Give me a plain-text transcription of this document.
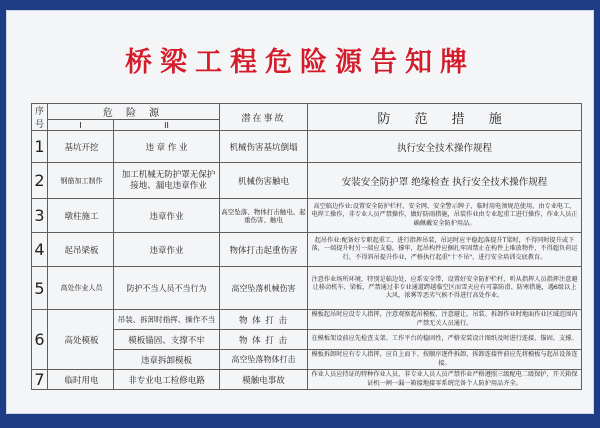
桥梁工程危险源告知牌
序号	危 险 源		潜在事故	防 范 措 施
	I	II		
1	基坑开挖	违 章 作 业	机械伤害基坑倒塌	执行安全技术操作规程
2	钢筋加工制作	加工机械无防护罩无保护接地、漏电违章作业	机械伤害触电	安装安全防护罩 绝缘检查 执行安全技术操作规程
3	墩柱施工	违章作业	高空坠落、物体打击触电、起重伤害、触电	高空临边作业:设置安全防护栏杆、安全网、安全警示牌子，临时用电须规范使用，由专业电工、电焊工操作，非专业人员严禁操作，做好防雨措施，吊装作业由专业起重工进行操作，作业人员正确佩戴安全防护用品。
4	起吊梁板	违章作业	物体打击起重伤害	起吊作业:配备好专职起重工，进行指挥吊装，吊运时应平稳起落提升T梁时，不得同时提升或下落，一端提升时另一端应支稳，撑牢，起吊构件应捆扎牢固禁止在构件上堆放物件，不得超负荷运行，不得斜吊提升作业，严格执行起重"十不吊"，进行安全培训交底教育。
5	高处作业人员	防护不当人员不当行为	高空坠落机械伤害	注意作业场所环境，特别是临边处，应系安全带，设置好安全防护栏杆，听从指挥人员指挥注意避让移动机车、梁板，严禁通过非专业通道跨越临空区而雪天应有可靠防滑、防寒措施，遇6级以上大风，浓雾等恶劣气候不得进行高处作业。
6	高处模板	吊装、拆卸时指挥、操作不当	物 体 打 击	模板起吊时应设专人指挥，注意观察起吊模板，注意避让。吊装、拆卸作业时地面作业区域范围内严禁无关人员通行。
		模板锚固、支撑不牢	物 体 打 击	在模板架设前应先检查支架、工作平台的稳固性，严格安装设计图纸及时进行连接、锚固、支撑。
		违章拆卸模板	高空坠落物体打击	模板拆卸时应有专人指挥，应自上而下、按顺序逐件拆卸，拆卸连接件前应先将模板与起吊设备连接。
7	临时用电	非专业电工检修电路	模触电事故	作业人员应持证的特种作业人员，非专业人员人员严禁作业严格遵照三级配电二级保护，开关箱保证机一闸一漏一箱接地接零系统完备个人防护用品齐全。
